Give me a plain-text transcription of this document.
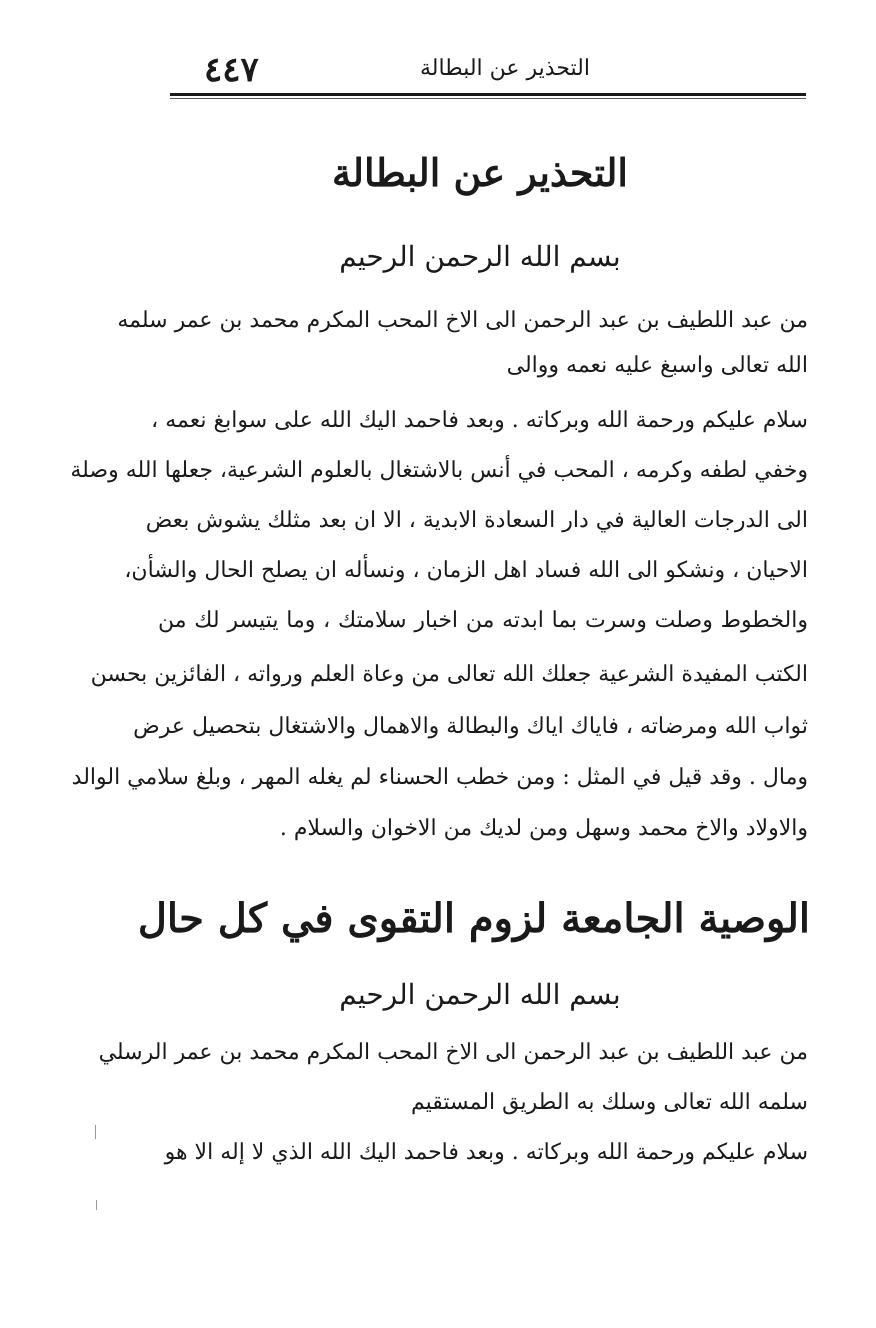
التحذير عن البطالة
٤٤٧
التحذير عن البطالة
بسم الله الرحمن الرحيم
من عبد اللطيف بن عبد الرحمن الى الاخ المحب المكرم محمد بن عمر سلمه
الله تعالى واسبغ عليه نعمه ووالى
سلام عليكم ورحمة الله وبركاته . وبعد فاحمد اليك الله على سوابغ نعمه ،
وخفي لطفه وكرمه ، المحب في أنس بالاشتغال بالعلوم الشرعية، جعلها الله وصلة
الى الدرجات العالية في دار السعادة الابدية ، الا ان بعد مثلك يشوش بعض
الاحيان ، ونشكو الى الله فساد اهل الزمان ، ونسأله ان يصلح الحال والشأن،
والخطوط وصلت وسرت بما ابدته من اخبار سلامتك ، وما يتيسر لك من
الكتب المفيدة الشرعية جعلك الله تعالى من وعاة العلم ورواته ، الفائزين بحسن
ثواب الله ومرضاته ، فاياك اياك والبطالة والاهمال والاشتغال بتحصيل عرض
ومال . وقد قيل في المثل : ومن خطب الحسناء لم يغله المهر ، وبلغ سلامي الوالد
والاولاد والاخ محمد وسهل ومن لديك من الاخوان والسلام .
الوصية الجامعة لزوم التقوى في كل حال
بسم الله الرحمن الرحيم
من عبد اللطيف بن عبد الرحمن الى الاخ المحب المكرم محمد بن عمر الرسلي
سلمه الله تعالى وسلك به الطريق المستقيم
سلام عليكم ورحمة الله وبركاته . وبعد فاحمد اليك الله الذي لا إله الا هو
